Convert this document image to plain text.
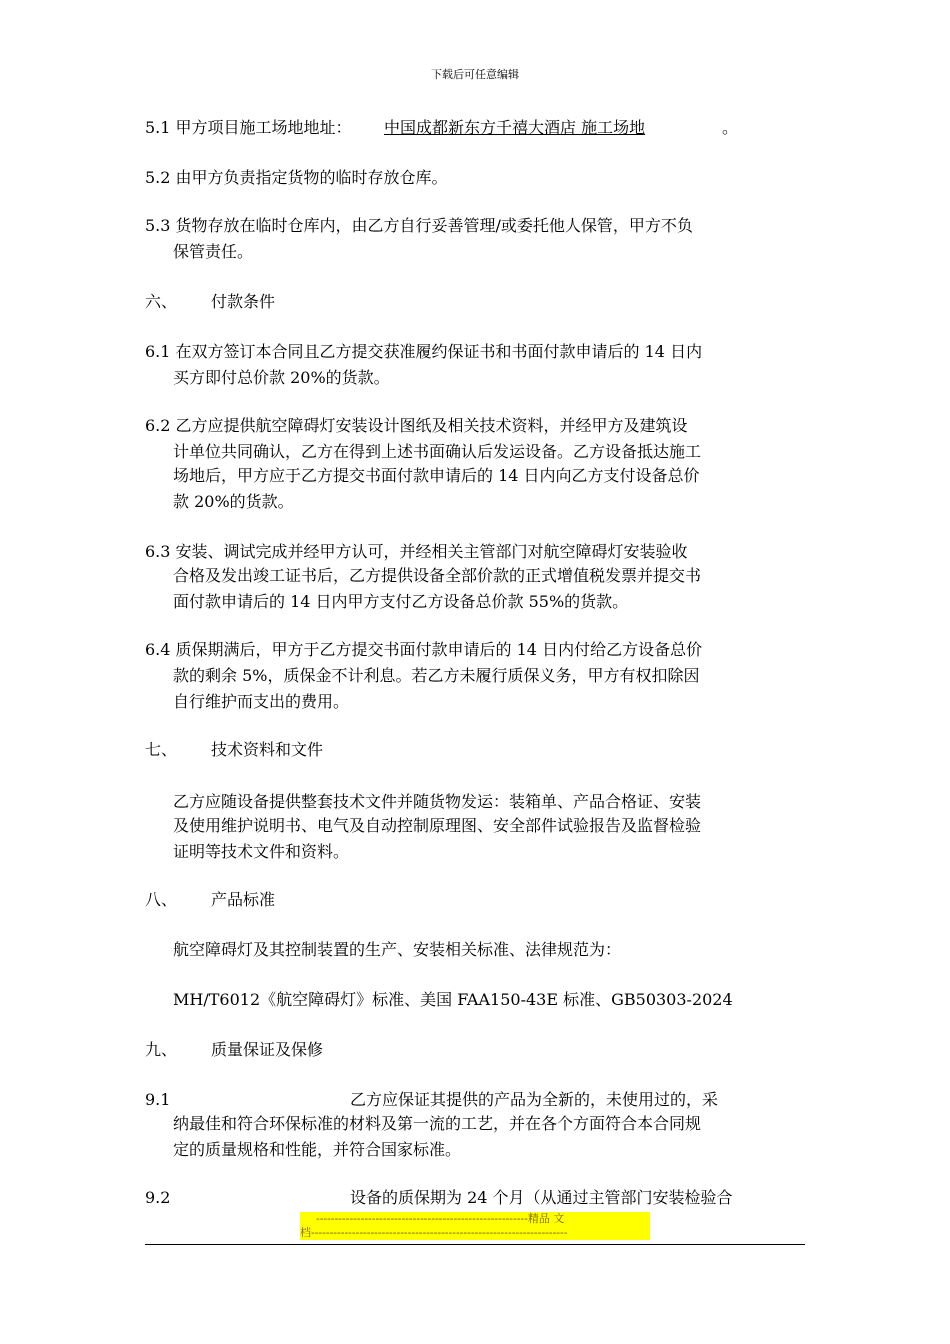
下载后可任意编辑
5.1 甲方项目施工场地地址： 中国成都新东方千禧大酒店 施工场地	。
5.2 由甲方负责指定货物的临时存放仓库。
5.3 货物存放在临时仓库内，由乙方自行妥善管理/或委托他人保管，甲方不负
保管责任。
六、 付款条件
6.1 在双方签订本合同且乙方提交获准履约保证书和书面付款申请后的 14 日内
买方即付总价款 20%的货款。
6.2 乙方应提供航空障碍灯安装设计图纸及相关技术资料，并经甲方及建筑设
计单位共同确认，乙方在得到上述书面确认后发运设备。乙方设备抵达施工
场地后，甲方应于乙方提交书面付款申请后的 14 日内向乙方支付设备总价
款 20%的货款。
6.3 安装、调试完成并经甲方认可，并经相关主管部门对航空障碍灯安装验收
合格及发出竣工证书后，乙方提供设备全部价款的正式增值税发票并提交书
面付款申请后的 14 日内甲方支付乙方设备总价款 55%的货款。
6.4 质保期满后，甲方于乙方提交书面付款申请后的 14 日内付给乙方设备总价
款的剩余 5%，质保金不计利息。若乙方未履行质保义务，甲方有权扣除因
自行维护而支出的费用。
七、 技术资料和文件
乙方应随设备提供整套技术文件并随货物发运：装箱单、产品合格证、安装
及使用维护说明书、电气及自动控制原理图、安全部件试验报告及监督检验
证明等技术文件和资料。
八、 产品标准
航空障碍灯及其控制装置的生产、安装相关标准、法律规范为：
MH/T6012《航空障碍灯》标准、美国 FAA150-43E 标准、GB50303-2024
九、 质量保证及保修
9.1	乙方应保证其提供的产品为全新的，未使用过的，采
纳最佳和符合环保标准的材料及第一流的工艺，并在各个方面符合本合同规
定的质量规格和性能，并符合国家标准。
9.2	设备的质保期为 24 个月（从通过主管部门安装检验合
---------------------------------------------------------精品 文
档---------------------------------------------------------------------
